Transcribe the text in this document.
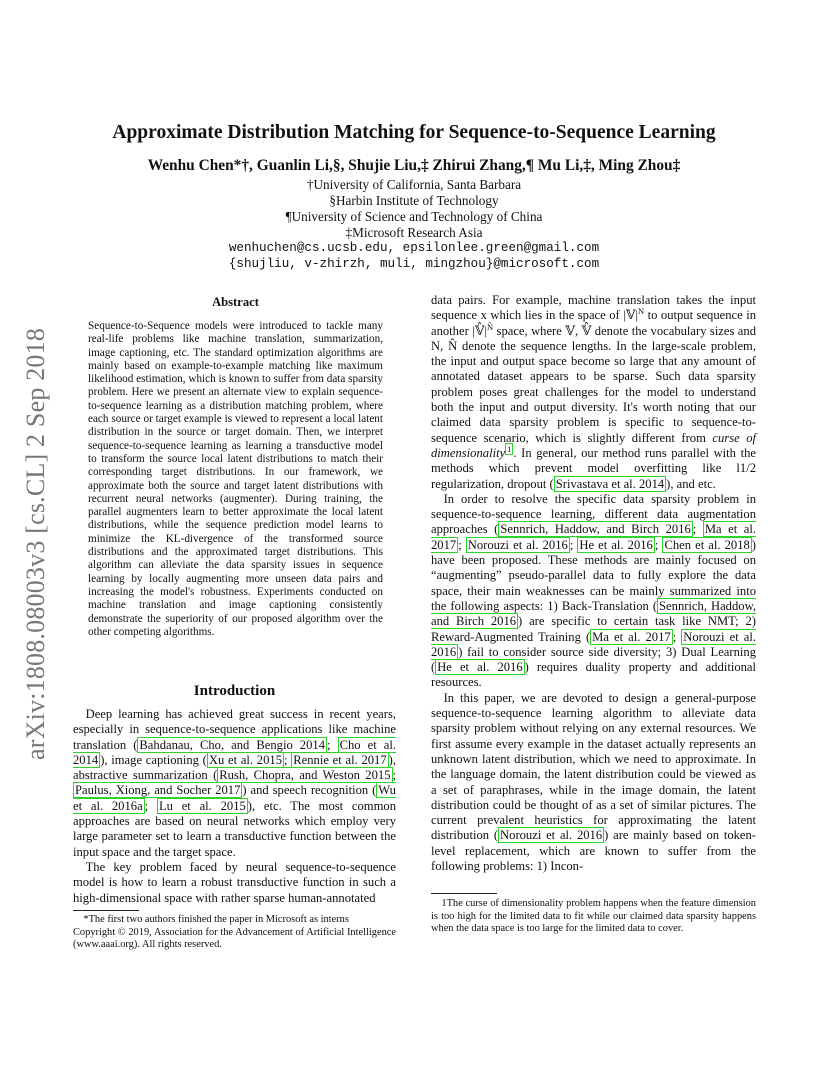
arXiv:1808.08003v3 [cs.CL] 2 Sep 2018
Approximate Distribution Matching for Sequence-to-Sequence Learning
Wenhu Chen*†, Guanlin Li,§, Shujie Liu,‡ Zhirui Zhang,¶ Mu Li,‡, Ming Zhou‡
†University of California, Santa Barbara
§Harbin Institute of Technology
¶University of Science and Technology of China
‡Microsoft Research Asia
wenhuchen@cs.ucsb.edu, epsilonlee.green@gmail.com
{shujliu, v-zhirzh, muli, mingzhou}@microsoft.com
Abstract
Sequence-to-Sequence models were introduced to tackle many real-life problems like machine translation, summarization, image captioning, etc. The standard optimization algorithms are mainly based on example-to-example matching like maximum likelihood estimation, which is known to suffer from data sparsity problem. Here we present an alternate view to explain sequence-to-sequence learning as a distribution matching problem, where each source or target example is viewed to represent a local latent distribution in the source or target domain. Then, we interpret sequence-to-sequence learning as learning a transductive model to transform the source local latent distributions to match their corresponding target distributions. In our framework, we approximate both the source and target latent distributions with recurrent neural networks (augmenter). During training, the parallel augmenters learn to better approximate the local latent distributions, while the sequence prediction model learns to minimize the KL-divergence of the transformed source distributions and the approximated target distributions. This algorithm can alleviate the data sparsity issues in sequence learning by locally augmenting more unseen data pairs and increasing the model's robustness. Experiments conducted on machine translation and image captioning consistently demonstrate the superiority of our proposed algorithm over the other competing algorithms.
Introduction

Deep learning has achieved great success in recent years, especially in sequence-to-sequence applications like machine translation ( Bahdanau, Cho, and Bengio 2014 ; Cho et al. 2014 ), image captioning ( Xu et al. 2015 ; Rennie et al. 2017 ), abstractive summarization ( Rush, Chopra, and Weston 2015 ; Paulus, Xiong, and Socher 2017 ) and speech recognition ( Wu et al. 2016a ; Lu et al. 2015 ), etc. The most common approaches are based on neural networks which employ very large parameter set to learn a transductive function between the input space and the target space.

The key problem faced by neural sequence-to-sequence model is how to learn a robust transductive function in such a high-dimensional space with rather sparse human-annotated

*The first two authors finished the paper in Microsoft as interns

Copyright © 2019, Association for the Advancement of Artificial Intelligence (www.aaai.org). All rights reserved.

data pairs. For example, machine translation takes the input sequence x which lies in the space of $|𝕍|^N$ to output sequence in another $|𝕍̂|^{N̂}$ space, where 𝕍, 𝕍̂ denote the vocabulary sizes and N, N̂ denote the sequence lengths. In the large-scale problem, the input and output space become so large that any amount of annotated dataset appears to be sparse. Such data sparsity problem poses great challenges for the model to understand both the input and output diversity. It's worth noting that our claimed data sparsity problem is specific to sequence-to-sequence scenario, which is slightly different from curse of dimensionality $^1$ . In general, our method runs parallel with the methods which prevent model overfitting like l1/2 regularization, dropout ( Srivastava et al. 2014 ), and etc.

In order to resolve the specific data sparsity problem in sequence-to-sequence learning, different data augmentation approaches ( Sennrich, Haddow, and Birch 2016 ; Ma et al. 2017 ; Norouzi et al. 2016 ; He et al. 2016 ; Chen et al. 2018 ) have been proposed. These methods are mainly focused on “augmenting” pseudo-parallel data to fully explore the data space, their main weaknesses can be mainly summarized into the following aspects: 1) Back-Translation ( Sennrich, Haddow, and Birch 2016 ) are specific to certain task like NMT; 2) Reward-Augmented Training ( Ma et al. 2017 ; Norouzi et al. 2016 ) fail to consider source side diversity; 3) Dual Learning ( He et al. 2016 ) requires duality property and additional resources.

In this paper, we are devoted to design a general-purpose sequence-to-sequence learning algorithm to alleviate data sparsity problem without relying on any external resources. We first assume every example in the dataset actually represents an unknown latent distribution, which we need to approximate. In the language domain, the latent distribution could be viewed as a set of paraphrases, while in the image domain, the latent distribution could be thought of as a set of similar pictures. The current prevalent heuristics for approximating the latent distribution ( Norouzi et al. 2016 ) are mainly based on token-level replacement, which are known to suffer from the following problems: 1) Incon-

1The curse of dimensionality problem happens when the feature dimension is too high for the limited data to fit while our claimed data sparsity happens when the data space is too large for the limited data to cover.
